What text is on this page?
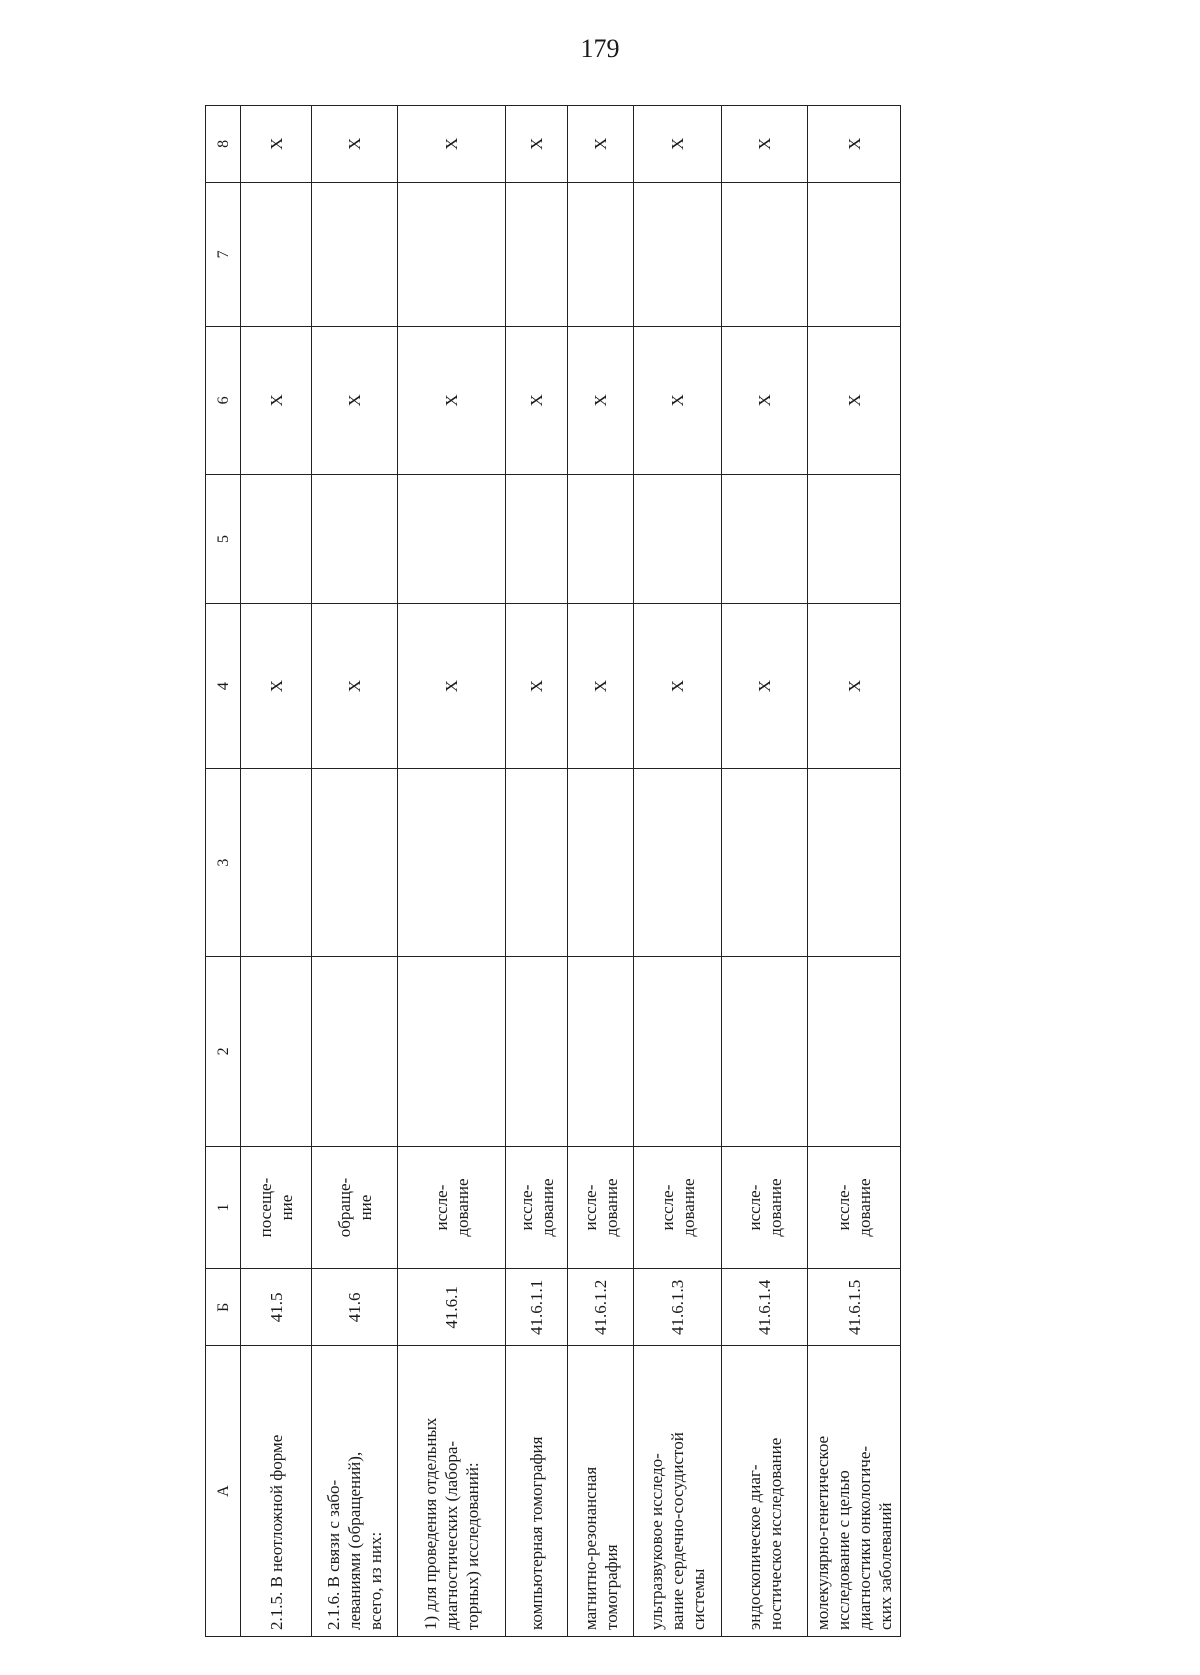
179
А	Б	1	2	3	4	5	6	7	8
2.1.5. В неотложной форме	41.5	посеще- ние			X		X		X
2.1.6. В связи с забо- леваниями (обращений), всего, из них:	41.6	обраще- ние			X		X		X
1) для проведения отдельных диагностических (лабора- торных) исследований:	41.6.1	иссле- дование			X		X		X
компьютерная томография	41.6.1.1	иссле- дование			X		X		X
магнитно-резонансная томография	41.6.1.2	иссле- дование			X		X		X
ультразвуковое исследо- вание сердечно-сосудистой системы	41.6.1.3	иссле- дование			X		X		X
эндоскопическое диаг- ностическое исследование	41.6.1.4	иссле- дование			X		X		X
молекулярно-генетическое исследование с целью диагностики онкологиче- ских заболеваний	41.6.1.5	иссле- дование			X		X		X
